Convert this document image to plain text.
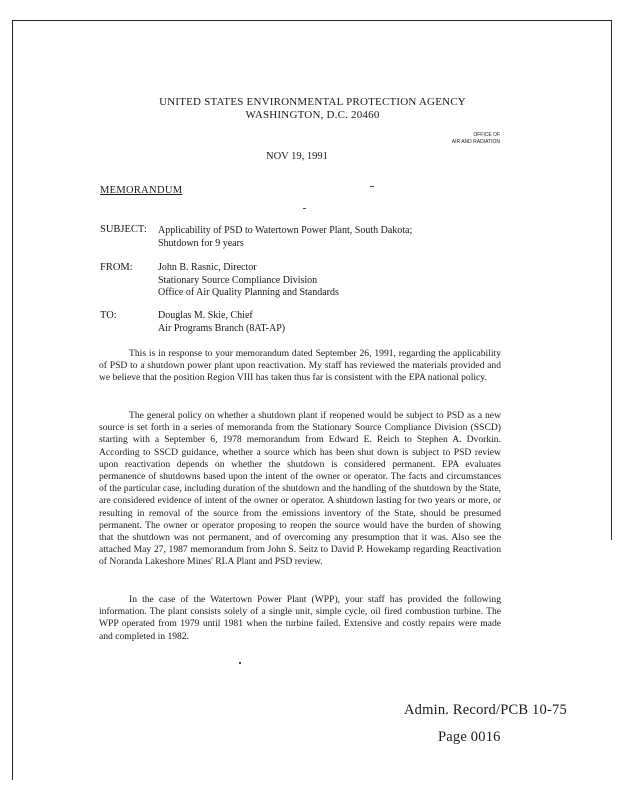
UNITED STATES ENVIRONMENTAL PROTECTION AGENCY
WASHINGTON, D.C. 20460
OFFICE OF
AIR AND RADIATION
NOV 19, 1991
MEMORANDUM
SUBJECT: Applicability of PSD to Watertown Power Plant, South Dakota;
Shutdown for 9 years
FROM:	John B. Rasnic, Director
Stationary Source Compliance Division
Office of Air Quality Planning and Standards
TO:	Douglas M. Skie, Chief
Air Programs Branch (8AT-AP)

This is in response to your memorandum dated September 26, 1991, regarding the applicability of PSD to a shutdown power plant upon reactivation. My staff has reviewed the materials provided and we believe that the position Region VIII has taken thus far is consistent with the EPA national policy.

The general policy on whether a shutdown plant if reopened would be subject to PSD as a new source is set forth in a series of memoranda from the Stationary Source Compliance Division (SSCD) starting with a September 6, 1978 memorandum from Edward E. Reich to Stephen A. Dvorkin. According to SSCD guidance, whether a source which has been shut down is subject to PSD review upon reactivation depends on whether the shutdown is considered permanent. EPA evaluates permanence of shutdowns based upon the intent of the owner or operator. The facts and circumstances of the particular case, including duration of the shutdown and the handling of the shutdown by the State, are considered evidence of intent of the owner or operator. A shutdown lasting for two years or more, or resulting in removal of the source from the emissions inventory of the State, should be presumed permanent. The owner or operator proposing to reopen the source would have the burden of showing that the shutdown was not permanent, and of overcoming any presumption that it was. Also see the attached May 27, 1987 memorandum from John S. Seitz to David P. Howekamp regarding Reactivation of Noranda Lakeshore Mines' RLA Plant and PSD review.

In the case of the Watertown Power Plant (WPP), your staff has provided the following information. The plant consists solely of a single unit, simple cycle, oil fired combustion turbine. The WPP operated from 1979 until 1981 when the turbine failed. Extensive and costly repairs were made and completed in 1982.

Admin. Record/PCB 10-75
Page 0016
